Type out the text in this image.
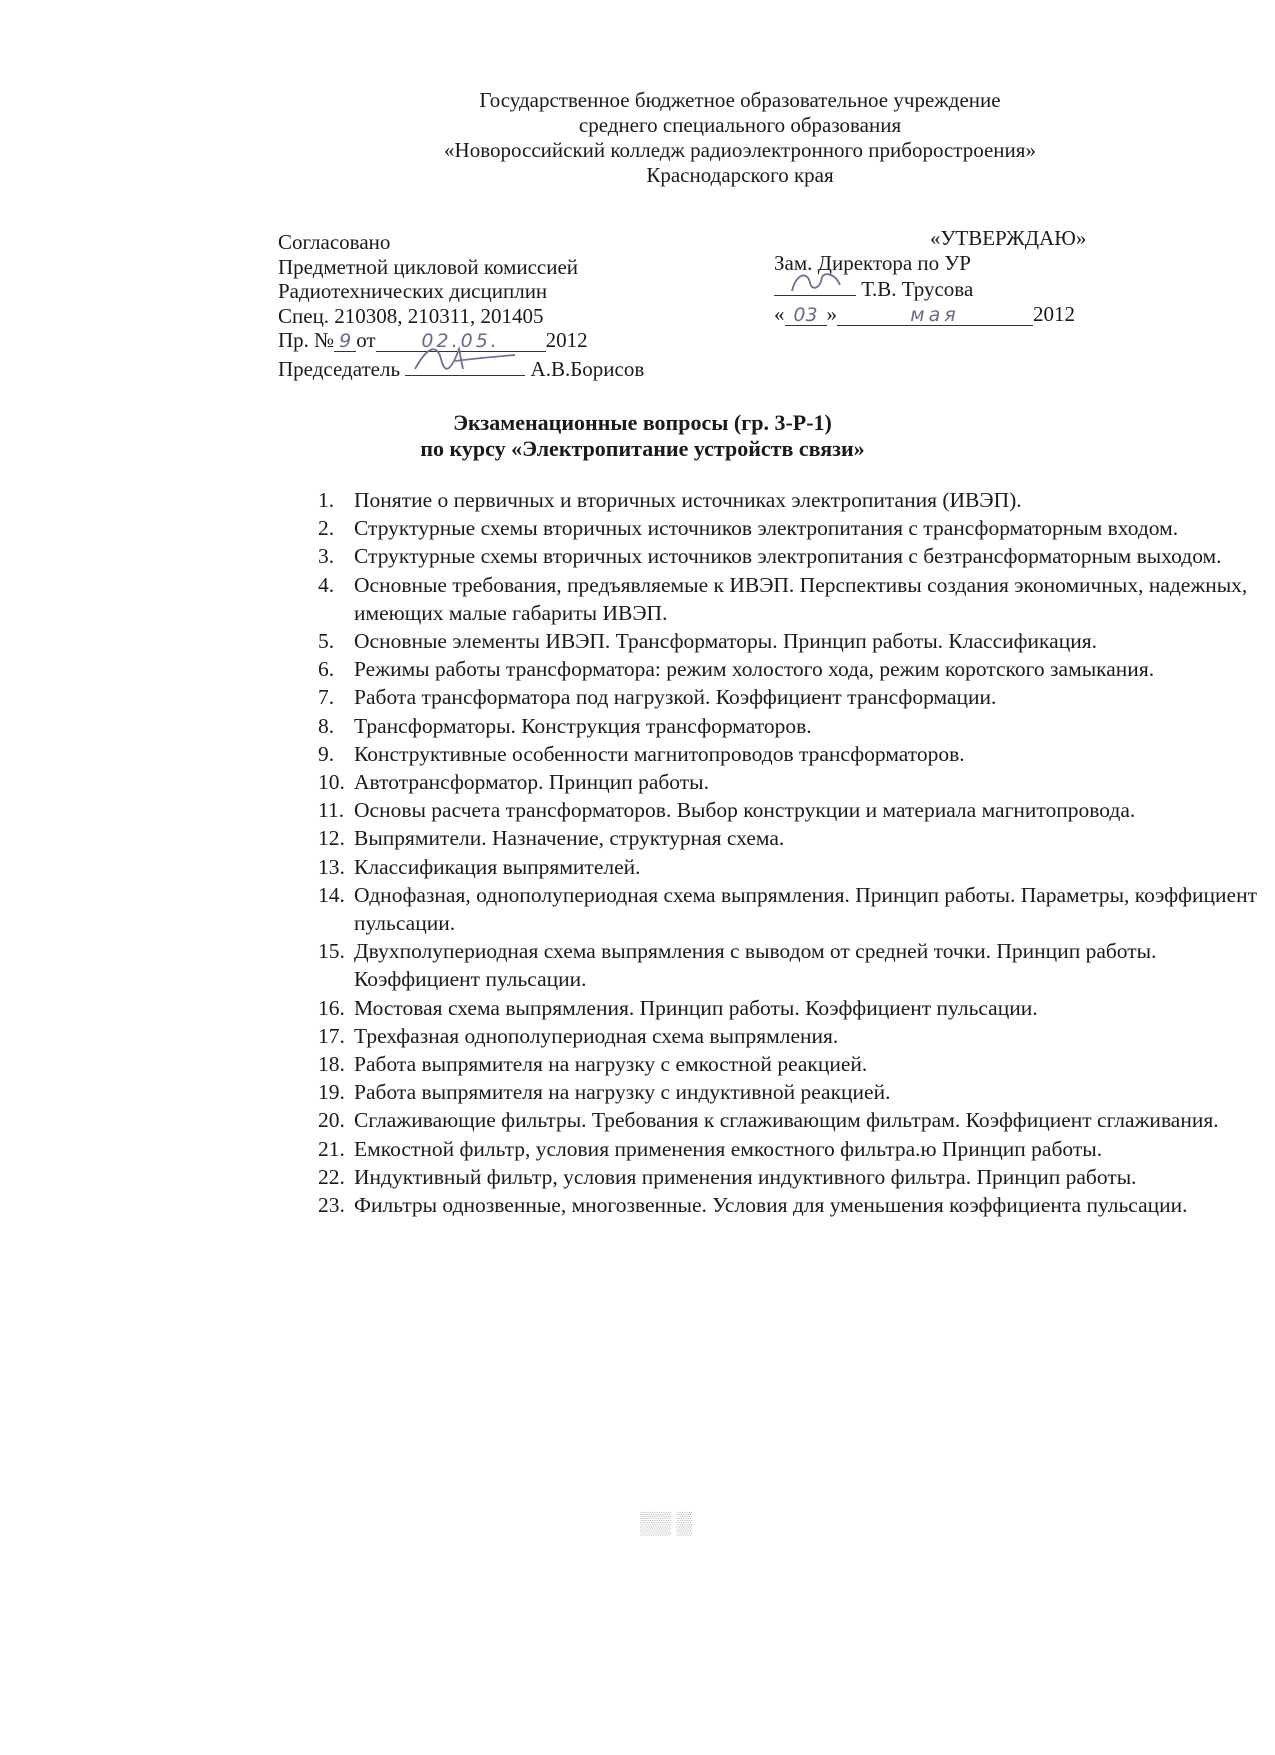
▒▒ ▒
Государственное бюджетное образовательное учреждение
среднего специального образования
«Новороссийский колледж радиоэлектронного приборостроения»
Краснодарского края
Согласовано
Предметной цикловой комиссией
Радиотехнических дисциплин
Спец. 210308, 210311, 201405
Пр. № 9 от 02.05. 2012
Председатель	А.В.Борисов
«УТВЕРЖДАЮ»
Зам. Директора по УР
Т.В. Трусова
« 03 »	мая	2012
Экзаменационные вопросы (гр. 3-Р-1)
по курсу «Электропитание устройств связи»
1. Понятие о первичных и вторичных источниках электропитания (ИВЭП).
2. Структурные схемы вторичных источников электропитания с трансформаторным входом.
3. Структурные схемы вторичных источников электропитания с безтрансформаторным выходом.
4. Основные требования, предъявляемые к ИВЭП. Перспективы создания экономичных, надежных, имеющих малые габариты ИВЭП.
5. Основные элементы ИВЭП. Трансформаторы. Принцип работы. Классификация.
6. Режимы работы трансформатора: режим холостого хода, режим коротского замыкания.
7. Работа трансформатора под нагрузкой. Коэффициент трансформации.
8. Трансформаторы. Конструкция трансформаторов.
9. Конструктивные особенности магнитопроводов трансформаторов.
10. Автотрансформатор. Принцип работы.
11. Основы расчета трансформаторов. Выбор конструкции и материала магнитопровода.
12. Выпрямители. Назначение, структурная схема.
13. Классификация выпрямителей.
14. Однофазная, однополупериодная схема выпрямления. Принцип работы. Параметры, коэффициент пульсации.
15. Двухполупериодная схема выпрямления с выводом от средней точки. Принцип работы. Коэффициент пульсации.
16. Мостовая схема выпрямления. Принцип работы. Коэффициент пульсации.
17. Трехфазная однополупериодная схема выпрямления.
18. Работа выпрямителя на нагрузку с емкостной реакцией.
19. Работа выпрямителя на нагрузку с индуктивной реакцией.
20. Сглаживающие фильтры. Требования к сглаживающим фильтрам. Коэффициент сглаживания.
21. Емкостной фильтр, условия применения емкостного фильтра.ю Принцип работы.
22. Индуктивный фильтр, условия применения индуктивного фильтра. Принцип работы.
23. Фильтры однозвенные, многозвенные. Условия для уменьшения коэффициента пульсации.
